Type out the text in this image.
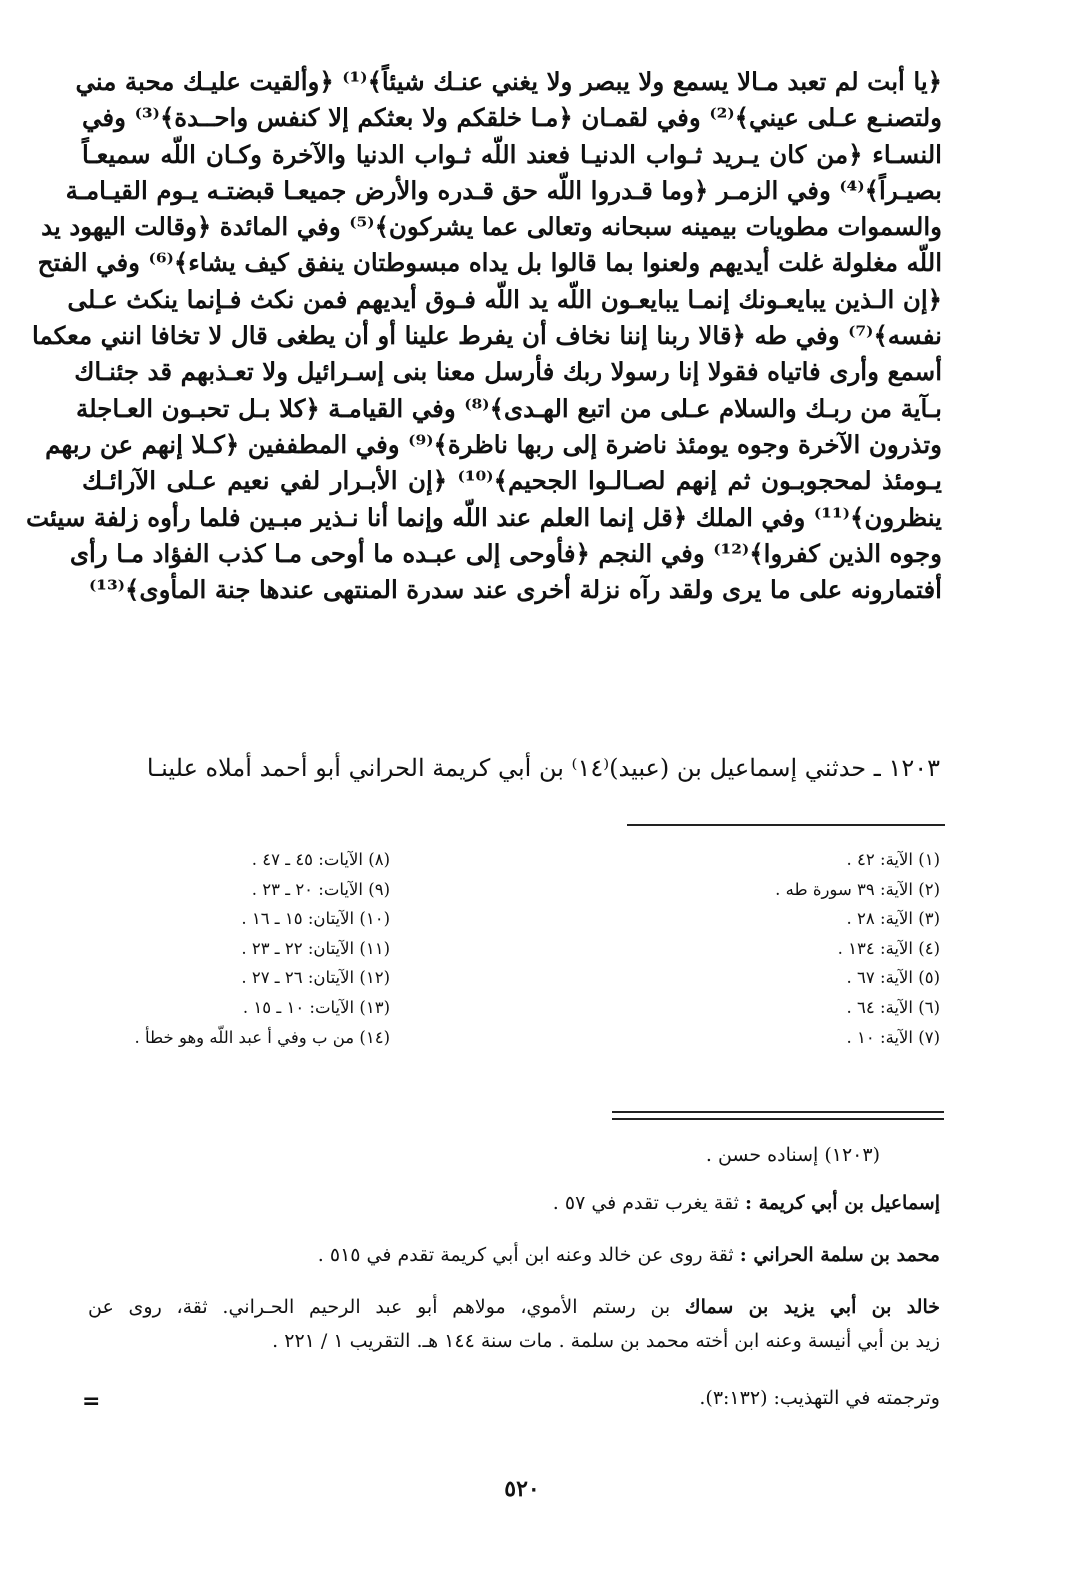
﴿يا أبت لم تعبد مـالا يسمع ولا يبصر ولا يغني عنـك شيئاً﴾⁽¹⁾ ﴿وألقيت عليـك محبة مني
ولتصنـع عـلى عيني﴾⁽²⁾ وفي لقمـان ﴿مـا خلقكم ولا بعثكم إلا كنفس واحــدة﴾⁽³⁾ وفي
النسـاء ﴿من كان يـريد ثـواب الدنيـا فعند اللّه ثـواب الدنيا والآخرة وكـان اللّه سميعـاً
بصيـراً﴾⁽⁴⁾ وفي الزمـر ﴿وما قـدروا اللّه حق قـدره والأرض جميعـا قبضتـه يـوم القيـامـة
والسموات مطويات بيمينه سبحانه وتعالى عما يشركون﴾⁽⁵⁾ وفي المائدة ﴿وقالت اليهود يد
اللّه مغلولة غلت أيديهم ولعنوا بما قالوا بل يداه مبسوطتان ينفق كيف يشاء﴾⁽⁶⁾ وفي الفتح
﴿إن الـذين يبايعـونك إنمـا يبايعـون اللّه يد اللّه فـوق أيديهم فمن نكث فـإنما ينكث عـلى
نفسه﴾⁽⁷⁾ وفي طه ﴿قالا ربنا إننا نخاف أن يفرط علينا أو أن يطغى قال لا تخافا انني معكما
أسمع وأرى فاتياه فقولا إنا رسولا ربك فأرسل معنا بنى إسـرائيل ولا تعـذبهم قد جئنـاك
بـآية من ربـك والسلام عـلى من اتبع الهـدى﴾⁽⁸⁾ وفي القيامـة ﴿كلا بـل تحبـون العـاجلة
وتذرون الآخرة وجوه يومئذ ناضرة إلى ربها ناظرة﴾⁽⁹⁾ وفي المطففين ﴿كـلا إنهم عن ربهم
يـومئذ لمحجوبـون ثم إنهم لصـالـوا الجحيم﴾⁽¹⁰⁾ ﴿إن الأبـرار لفي نعيم عـلى الآرائـك
ينظرون﴾⁽¹¹⁾ وفي الملك ﴿قل إنما العلم عند اللّه وإنما أنا نـذير مبـين فلما رأوه زلفة سيئت
وجوه الذين كفروا﴾⁽¹²⁾ وفي النجم ﴿فأوحى إلى عبـده ما أوحى مـا كذب الفؤاد مـا رأى
أفتمارونه على ما يرى ولقد رآه نزلة أخرى عند سدرة المنتهى عندها جنة المأوى﴾⁽¹³⁾
١٢٠٣ ـ حدثني إسماعيل بن (عبيد)⁽١٤⁾ بن أبي كريمة الحراني أبو أحمد أملاه علينـا
(١) الآية: ٤٢ .
(٢) الآية: ٣٩ سورة طه .
(٣) الآية: ٢٨ .
(٤) الآية: ١٣٤ .
(٥) الآية: ٦٧ .
(٦) الآية: ٦٤ .
(٧) الآية: ١٠ .
(٨) الآيات: ٤٥ ـ ٤٧ .
(٩) الآيات: ٢٠ ـ ٢٣ .
(١٠) الآيتان: ١٥ ـ ١٦ .
(١١) الآيتان: ٢٢ ـ ٢٣ .
(١٢) الآيتان: ٢٦ ـ ٢٧ .
(١٣) الآيات: ١٠ ـ ١٥ .
(١٤) من ب وفي أ عبد اللّه وهو خطأ .
(١٢٠٣) إسناده حسن .
إسماعيل بن أبي كريمة : ثقة يغرب تقدم في ٥٧ .
محمد بن سلمة الحراني : ثقة روى عن خالد وعنه ابن أبي كريمة تقدم في ٥١٥ .
خالد بن أبي يزيد بن سماك بن رستم الأموي، مولاهم أبو عبد الرحيم الحـراني. ثقة، روى عن
زيد بن أبي أنيسة وعنه ابن أخته محمد بن سلمة . مات سنة ١٤٤ هـ. التقريب ١ / ٢٢١ .
وترجمته في التهذيب: (٣:١٣٢).
=
٥٢٠
